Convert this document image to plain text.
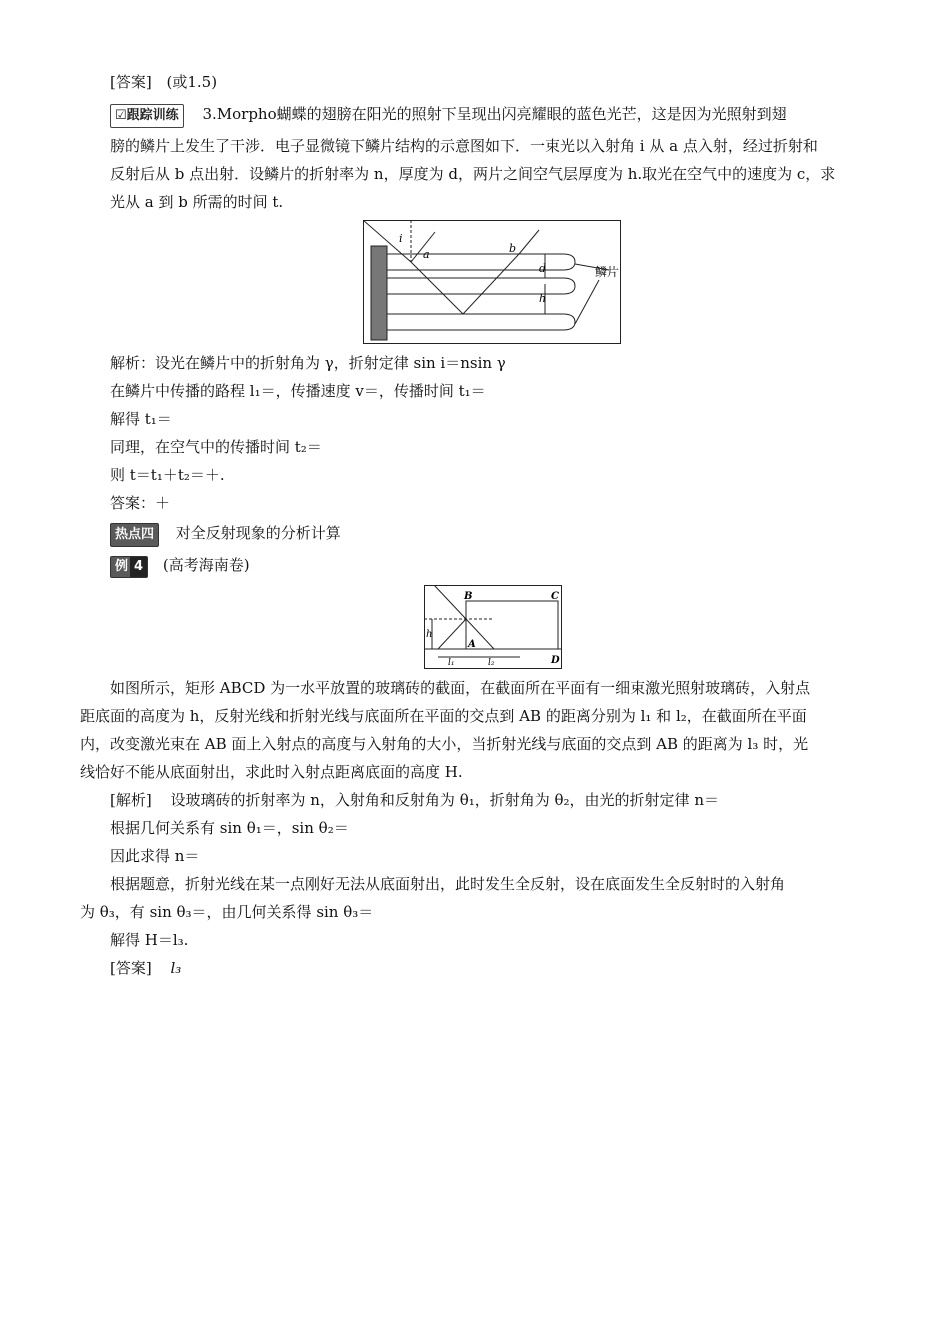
[答案] (或1.5)
☑跟踪训练 3.Morpho蝴蝶的翅膀在阳光的照射下呈现出闪亮耀眼的蓝色光芒，这是因为光照射到翅
膀的鳞片上发生了干涉．电子显微镜下鳞片结构的示意图如下．一束光以入射角 i 从 a 点入射，经过折射和
反射后从 b 点出射．设鳞片的折射率为 n，厚度为 d，两片之间空气层厚度为 h.取光在空气中的速度为 c，求
光从 a 到 b 所需的时间 t.
i
a	b
d
h
鳞片
解析：设光在鳞片中的折射角为 γ，折射定律 sin i＝nsin γ
在鳞片中传播的路程 l₁＝，传播速度 v＝，传播时间 t₁＝
解得 t₁＝
同理，在空气中的传播时间 t₂＝
则 t＝t₁＋t₂＝＋.
答案：＋
热点四 对全反射现象的分析计算
例 4 (高考海南卷)
B	C
A
D
h
l₁	l₂
如图所示，矩形 ABCD 为一水平放置的玻璃砖的截面，在截面所在平面有一细束激光照射玻璃砖，入射点
距底面的高度为 h，反射光线和折射光线与底面所在平面的交点到 AB 的距离分别为 l₁ 和 l₂，在截面所在平面
内，改变激光束在 AB 面上入射点的高度与入射角的大小，当折射光线与底面的交点到 AB 的距离为 l₃ 时，光
线恰好不能从底面射出，求此时入射点距离底面的高度 H.
[解析] 设玻璃砖的折射率为 n，入射角和反射角为 θ₁，折射角为 θ₂，由光的折射定律 n＝
根据几何关系有 sin θ₁＝，sin θ₂＝
因此求得 n＝
根据题意，折射光线在某一点刚好无法从底面射出，此时发生全反射，设在底面发生全反射时的入射角
为 θ₃，有 sin θ₃＝，由几何关系得 sin θ₃＝
解得 H＝l₃.
[答案] l₃
